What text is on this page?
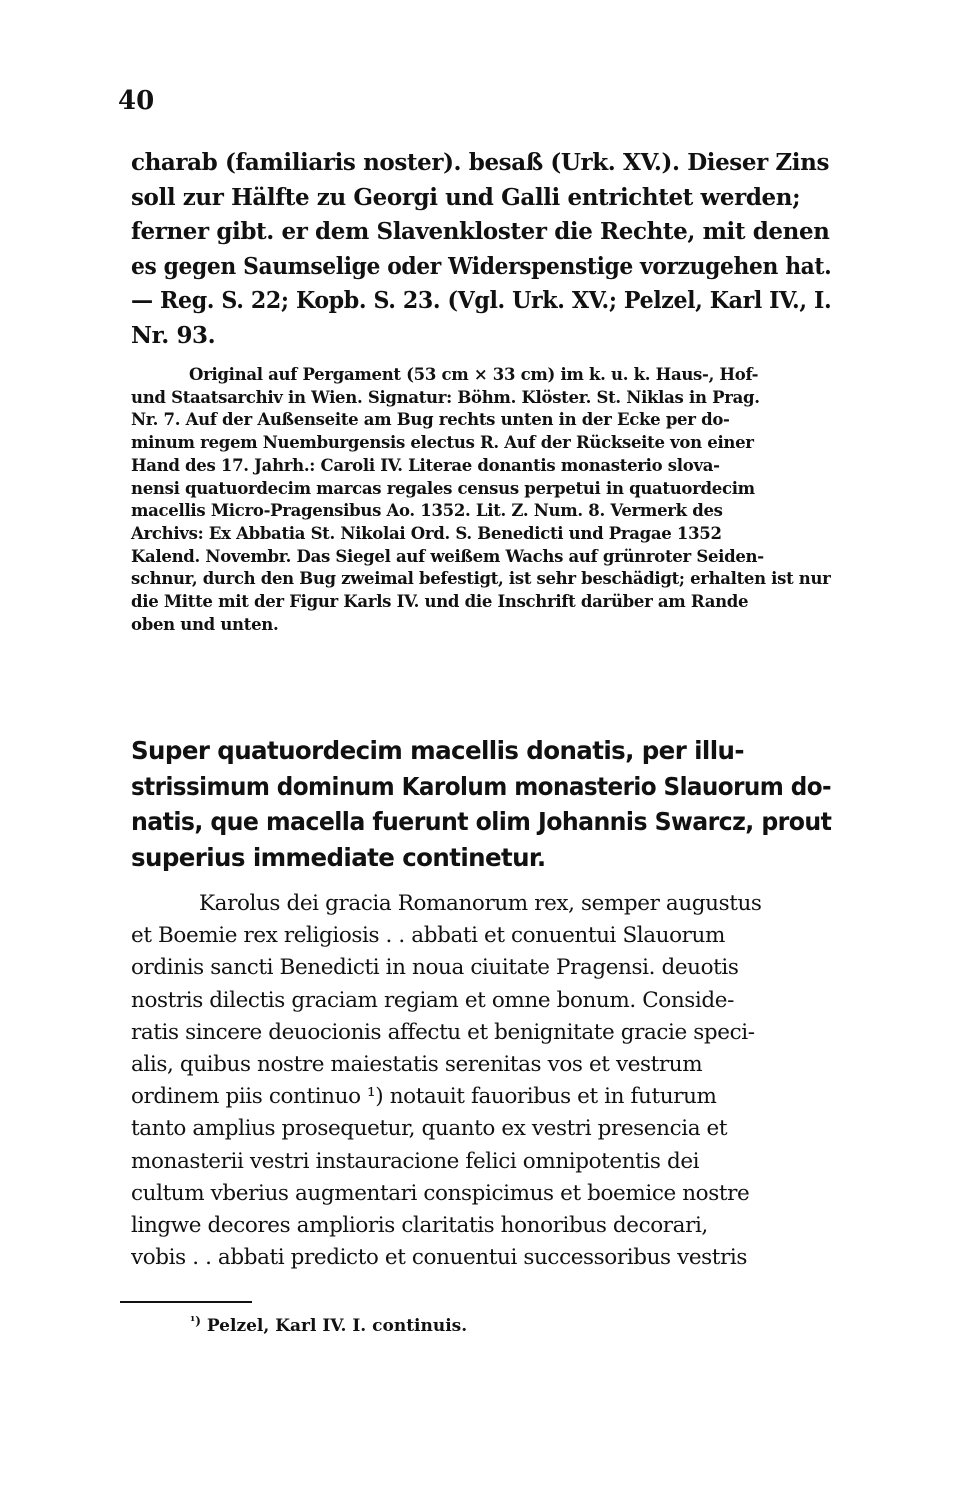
40
charab (familiaris noster). besaß (Urk. XV.). Dieser Zins
soll zur Hälfte zu Georgi und Galli entrichtet werden;
ferner gibt. er dem Slavenkloster die Rechte, mit denen
es gegen Saumselige oder Widerspenstige vorzugehen hat. — Reg. S. 22; Kopb. S. 23. (Vgl. Urk. XV.; Pelzel, Karl IV., I.
Nr. 93.
Original auf Pergament (53 cm × 33 cm) im k. u. k. Haus-, Hof-
und Staatsarchiv in Wien. Signatur: Böhm. Klöster. St. Niklas in Prag.
Nr. 7. Auf der Außenseite am Bug rechts unten in der Ecke per do-
minum regem Nuemburgensis electus R. Auf der Rückseite von einer
Hand des 17. Jahrh.: Caroli IV. Literae donantis monasterio slova-
nensi quatuordecim marcas regales census perpetui in quatuordecim
macellis Micro-Pragensibus Ao. 1352. Lit. Z. Num. 8. Vermerk des
Archivs: Ex Abbatia St. Nikolai Ord. S. Benedicti und Pragae 1352
Kalend. Novembr. Das Siegel auf weißem Wachs auf grünroter Seiden-
schnur, durch den Bug zweimal befestigt, ist sehr beschädigt; erhalten ist nur
die Mitte mit der Figur Karls IV. und die Inschrift darüber am Rande
oben und unten.
Super quatuordecim macellis donatis, per illu-
strissimum dominum Karolum monasterio Slauorum do- natis, que macella fuerunt olim Johannis Swarcz, prout
superius immediate continetur.
Karolus dei gracia Romanorum rex, semper augustus
et Boemie rex religiosis . . abbati et conuentui Slauorum
ordinis sancti Benedicti in noua ciuitate Pragensi. deuotis
nostris dilectis graciam regiam et omne bonum. Conside-
ratis sincere deuocionis affectu et benignitate gracie speci-
alis, quibus nostre maiestatis serenitas vos et vestrum
ordinem piis continuo ¹) notauit fauoribus et in futurum
tanto amplius prosequetur, quanto ex vestri presencia et
monasterii vestri instauracione felici omnipotentis dei
cultum vberius augmentari conspicimus et boemice nostre
lingwe decores amplioris claritatis honoribus decorari,
vobis . . abbati predicto et conuentui successoribus vestris
$^{^1)}$ Pelzel, Karl IV. I. continuis.
